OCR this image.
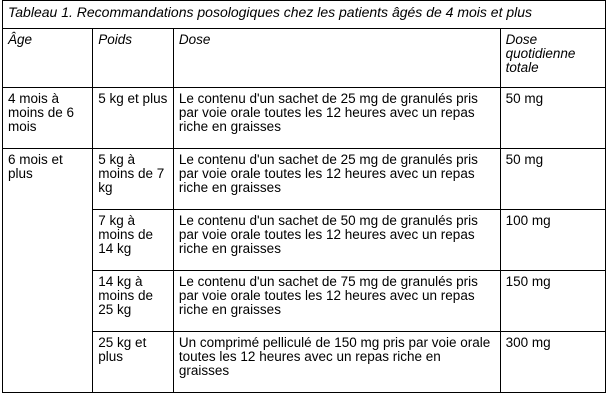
Tableau 1. Recommandations posologiques chez les patients âgés de 4 mois et plus			
Âge	Poids	Dose	Dose quotidienne totale
4 mois à moins de 6 mois	5 kg et plus	Le contenu d'un sachet de 25 mg de granulés pris par voie orale toutes les 12 heures avec un repas riche en graisses	50 mg
6 mois et plus	5 kg à moins de 7 kg	Le contenu d'un sachet de 25 mg de granulés pris par voie orale toutes les 12 heures avec un repas riche en graisses	50 mg
	7 kg à moins de 14 kg	Le contenu d'un sachet de 50 mg de granulés pris par voie orale toutes les 12 heures avec un repas riche en graisses	100 mg
	14 kg à moins de 25 kg	Le contenu d'un sachet de 75 mg de granulés pris par voie orale toutes les 12 heures avec un repas riche en graisses	150 mg
	25 kg et plus	Un comprimé pelliculé de 150 mg pris par voie orale toutes les 12 heures avec un repas riche en graisses	300 mg
